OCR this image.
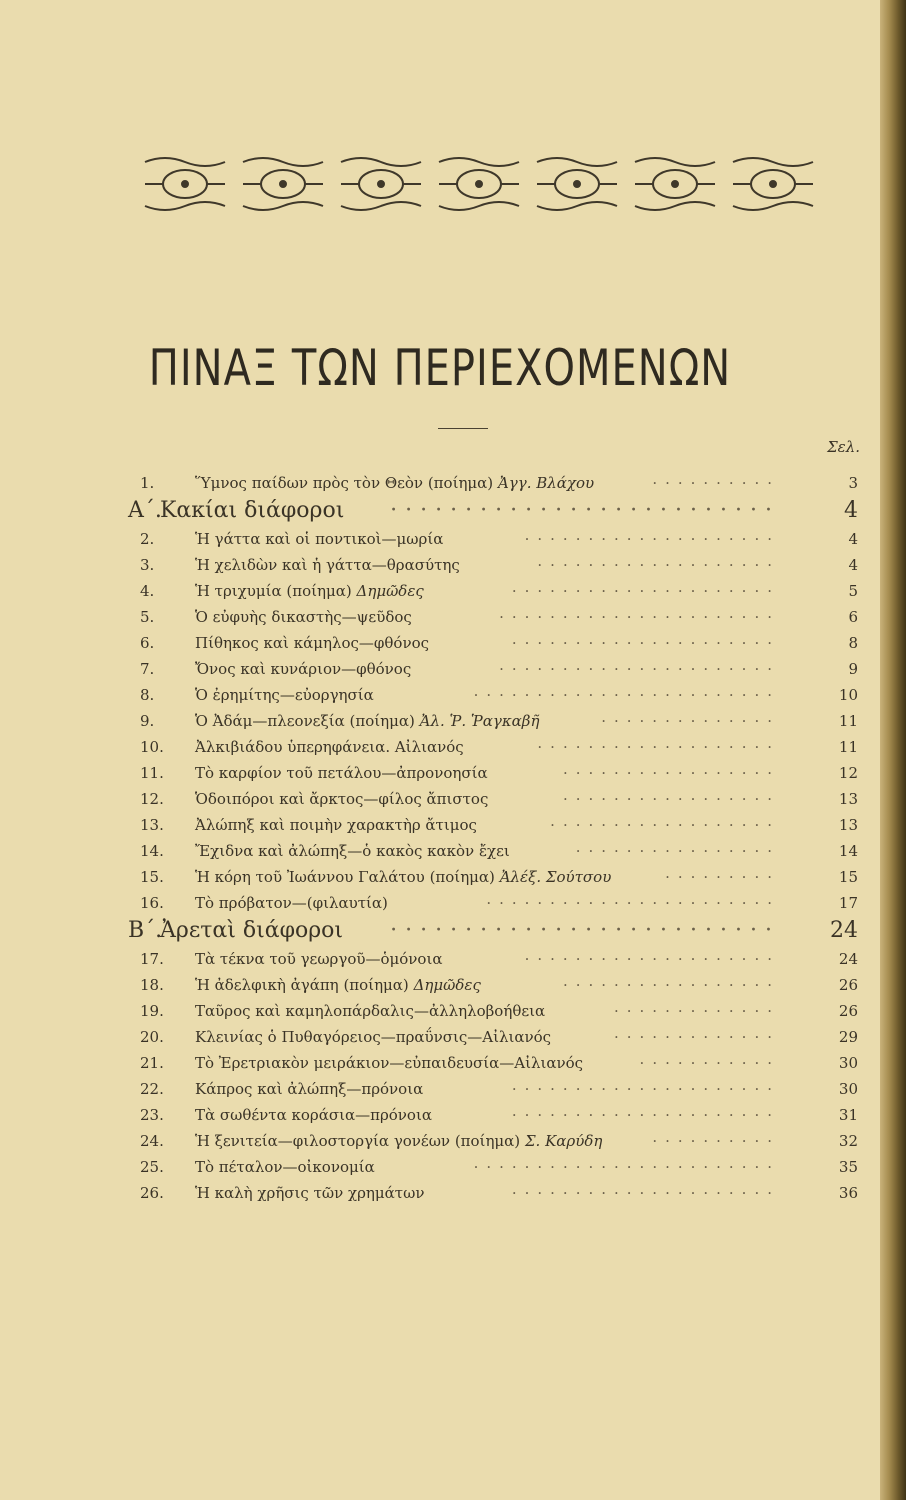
ΠΙΝΑΞ ΤΩΝ ΠΕΡΙΕΧΟΜΕΝΩΝ
Σελ.
··········
1.	Ὕμνος παίδων πρὸς τὸν Θεὸν (ποίημα) Ἀγγ. Βλάχου	3
··························
Α΄.
Κακίαι διάφοροι	4
····················
2.	Ἡ γάττα καὶ οἱ ποντικοὶ—μωρία	4
···················
3.	Ἡ χελιδὼν καὶ ἡ γάττα—θρασύτης	4
·····················
4.	Ἡ τριχυμία (ποίημα) Δημῶδες	5
······················
5.	Ὁ εὐφυὴς δικαστὴς—ψεῦδος	6
·····················
6.	Πίθηκος καὶ κάμηλος—φθόνος	8
······················
7.	Ὄνος καὶ κυνάριον—φθόνος	9
························
8.	Ὁ ἐρημίτης—εὐοργησία	10
··············
9.	Ὁ Ἀδάμ—πλεονεξία (ποίημα) Ἀλ. Ῥ. Ῥαγκαβῆ	11
···················
10.	Ἀλκιβιάδου ὑπερηφάνεια. Αἰλιανός	11
·················
11.	Τὸ καρφίον τοῦ πετάλου—ἀπρονοησία	12
·················
12.	Ὁδοιπόροι καὶ ἄρκτος—φίλος ἄπιστος	13
··················
13.	Ἀλώπηξ καὶ ποιμὴν χαρακτὴρ ἄτιμος	13
················
14.	Ἔχιδνα καὶ ἀλώπηξ—ὁ κακὸς κακὸν ἔχει	14
·········
15.	Ἡ κόρη τοῦ Ἰωάννου Γαλάτου (ποίημα) Ἀλέξ. Σούτσου	15
·······················
16.	Τὸ πρόβατον—(φιλαυτία)	17
··························
Β΄.
Ἀρεταὶ διάφοροι	24
····················
17.	Τὰ τέκνα τοῦ γεωργοῦ—ὁμόνοια	24
·················
18.	Ἡ ἀδελφικὴ ἀγάπη (ποίημα) Δημῶδες	26
·············
19.	Ταῦρος καὶ καμηλοπάρδαλις—ἀλληλοβοήθεια	26
·············
20.	Κλεινίας ὁ Πυθαγόρειος—πραΰνσις—Αἰλιανός	29
···········
21.	Τὸ Ἐρετριακὸν μειράκιον—εὐπαιδευσία—Αἰλιανός	30
·····················
22.	Κάπρος καὶ ἀλώπηξ—πρόνοια	30
·····················
23.	Τὰ σωθέντα κοράσια—πρόνοια	31
··········
24.	Ἡ ξενιτεία—φιλοστοργία γονέων (ποίημα) Σ. Καρύδη	32
························
25.	Τὸ πέταλον—οἰκονομία	35
·····················
26.	Ἡ καλὴ χρῆσις τῶν χρημάτων	36
